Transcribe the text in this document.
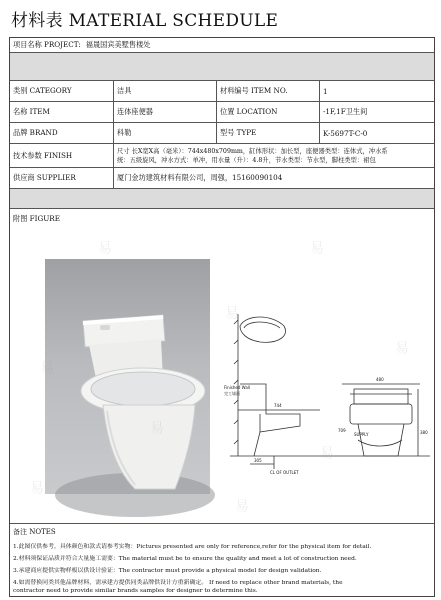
材料表 MATERIAL SCHEDULE
项目名称 PROJECT: 福晟国宾美墅售楼处
类别 CATEGORY	洁具	材料编号 ITEM NO.	1
名称 ITEM	连体座便器	位置 LOCATION	-1F,1F卫生间
品牌 BRAND	科勒	型号 TYPE	K-5697T-C-0
技术参数 FINISH	尺寸 长X宽X高（毫米）：744x480x709mm，缸体形状：加长型，座便器类型：连体式，冲水系
统：五级旋风，冲水方式：单冲，用水量（升）：4.8升，节水类型：节水型，脚柱类型：裙包
供应商 SUPPLIER	厦门金坊建筑材料有限公司，周强，15160090104
附图 FIGURE
Finished Wall
完工墙面
744
305
480
709	380
SUPPLY
CL OF OUTLET
易	易
易
易
易
易
易
易
易
备注 NOTES
1.此图仅供参考，具体颜色和款式请参考实物：Pictures presented are only for reference,refer for the physical item for detail.
2.材料须保证品质并符合大量施工需要：The material must be to ensure the quality and meet a lot of construction need.
3.承建商应提供实物样板以供设计验证：The contractor must provide a physical model for design validation.
4.如需替换同类其他品牌材料，需承建方提供同类品牌供设计方重新确定。 If need to replace other brand materials, the
contractor need to provide similar brands samples for designer to determine this.
